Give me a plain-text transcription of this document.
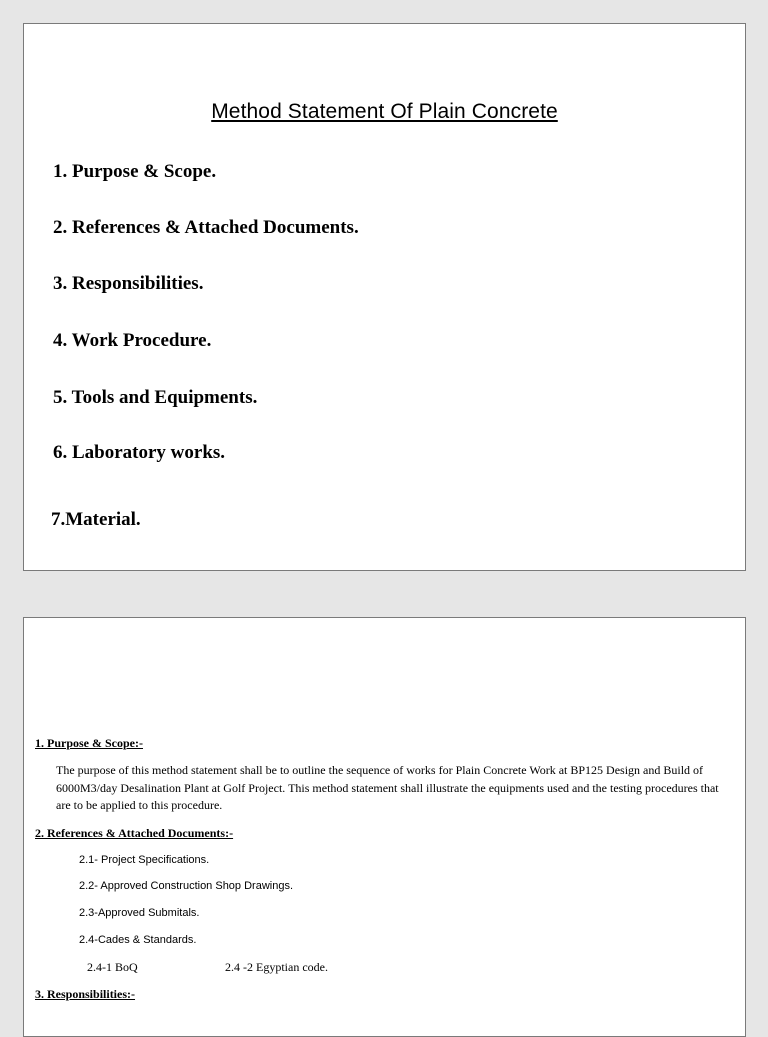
Method Statement Of Plain Concrete
1. Purpose & Scope.
2. References & Attached Documents.
3. Responsibilities.
4. Work Procedure.
5. Tools and Equipments.
6. Laboratory works.
7.Material.
1. Purpose & Scope:-

The purpose of this method statement shall be to outline the sequence of works for Plain Concrete Work at BP125 Design and Build of 6000M3/day Desalination Plant at Golf Project. This method statement shall illustrate the equipments used and the testing procedures that are to be applied to this procedure.

2. References & Attached Documents:-
2.1- Project Specifications.
2.2- Approved Construction Shop Drawings.
2.3-Approved Submitals.
2.4-Cades & Standards.
2.4-1 BoQ	2.4 -2 Egyptian code.
3. Responsibilities:-
